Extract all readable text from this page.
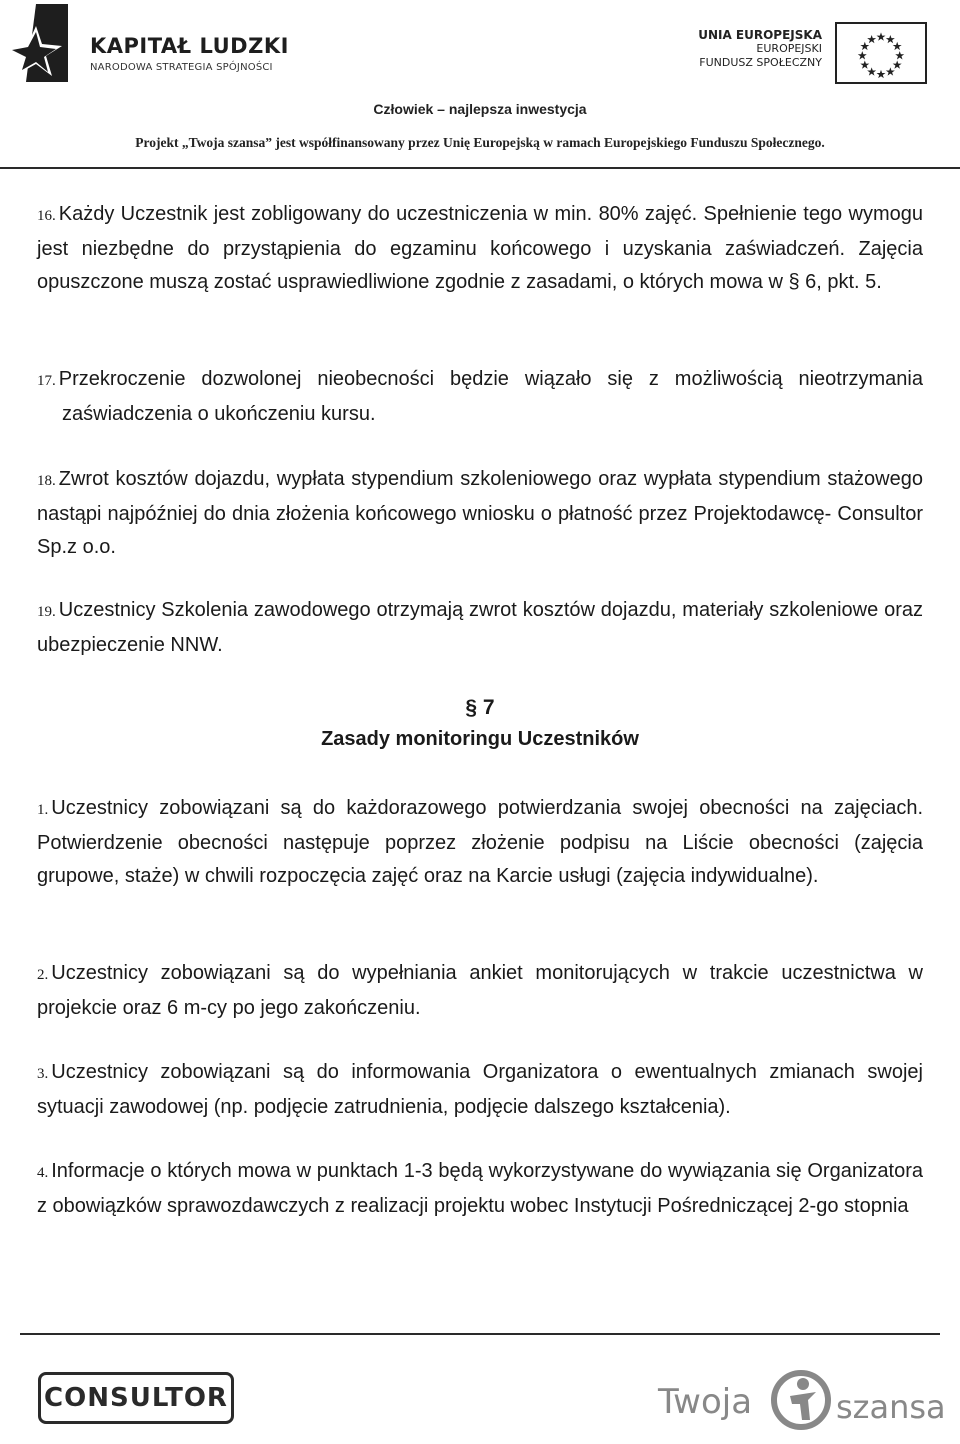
KAPITAŁ LUDZKI
NARODOWA STRATEGIA SPÓJNOŚCI
UNIA EUROPEJSKA
EUROPEJSKI
FUNDUSZ SPOŁECZNY
Człowiek – najlepsza inwestycja
Projekt „Twoja szansa” jest współfinansowany przez Unię Europejską w ramach Europejskiego Funduszu Społecznego.
16. Każdy Uczestnik jest zobligowany do uczestniczenia w min. 80% zajęć. Spełnienie tego wymogu jest niezbędne do przystąpienia do egzaminu końcowego i uzyskania zaświadczeń. Zajęcia opuszczone muszą zostać usprawiedliwione zgodnie z zasadami, o których mowa w § 6, pkt. 5.
17. Przekroczenie dozwolonej nieobecności będzie wiązało się z możliwością nieotrzymania zaświadczenia o ukończeniu kursu.
18. Zwrot kosztów dojazdu, wypłata stypendium szkoleniowego oraz wypłata stypendium stażowego nastąpi najpóźniej do dnia złożenia końcowego wniosku o płatność przez Projektodawcę- Consultor Sp.z o.o.
19. Uczestnicy Szkolenia zawodowego otrzymają zwrot kosztów dojazdu, materiały szkoleniowe oraz ubezpieczenie NNW.
§ 7
Zasady monitoringu Uczestników
1. Uczestnicy zobowiązani są do każdorazowego potwierdzania swojej obecności na zajęciach. Potwierdzenie obecności następuje poprzez złożenie podpisu na Liście obecności (zajęcia grupowe, staże) w chwili rozpoczęcia zajęć oraz na Karcie usługi (zajęcia indywidualne).
2. Uczestnicy zobowiązani są do wypełniania ankiet monitorujących w trakcie uczestnictwa w projekcie oraz 6 m-cy po jego zakończeniu.
3. Uczestnicy zobowiązani są do informowania Organizatora o ewentualnych zmianach swojej sytuacji zawodowej (np. podjęcie zatrudnienia, podjęcie dalszego kształcenia).
4. Informacje o których mowa w punktach 1-3 będą wykorzystywane do wywiązania się Organizatora z obowiązków sprawozdawczych z realizacji projektu wobec Instytucji Pośredniczącej 2-go stopnia
CONSULTOR	Twoja	szansa
